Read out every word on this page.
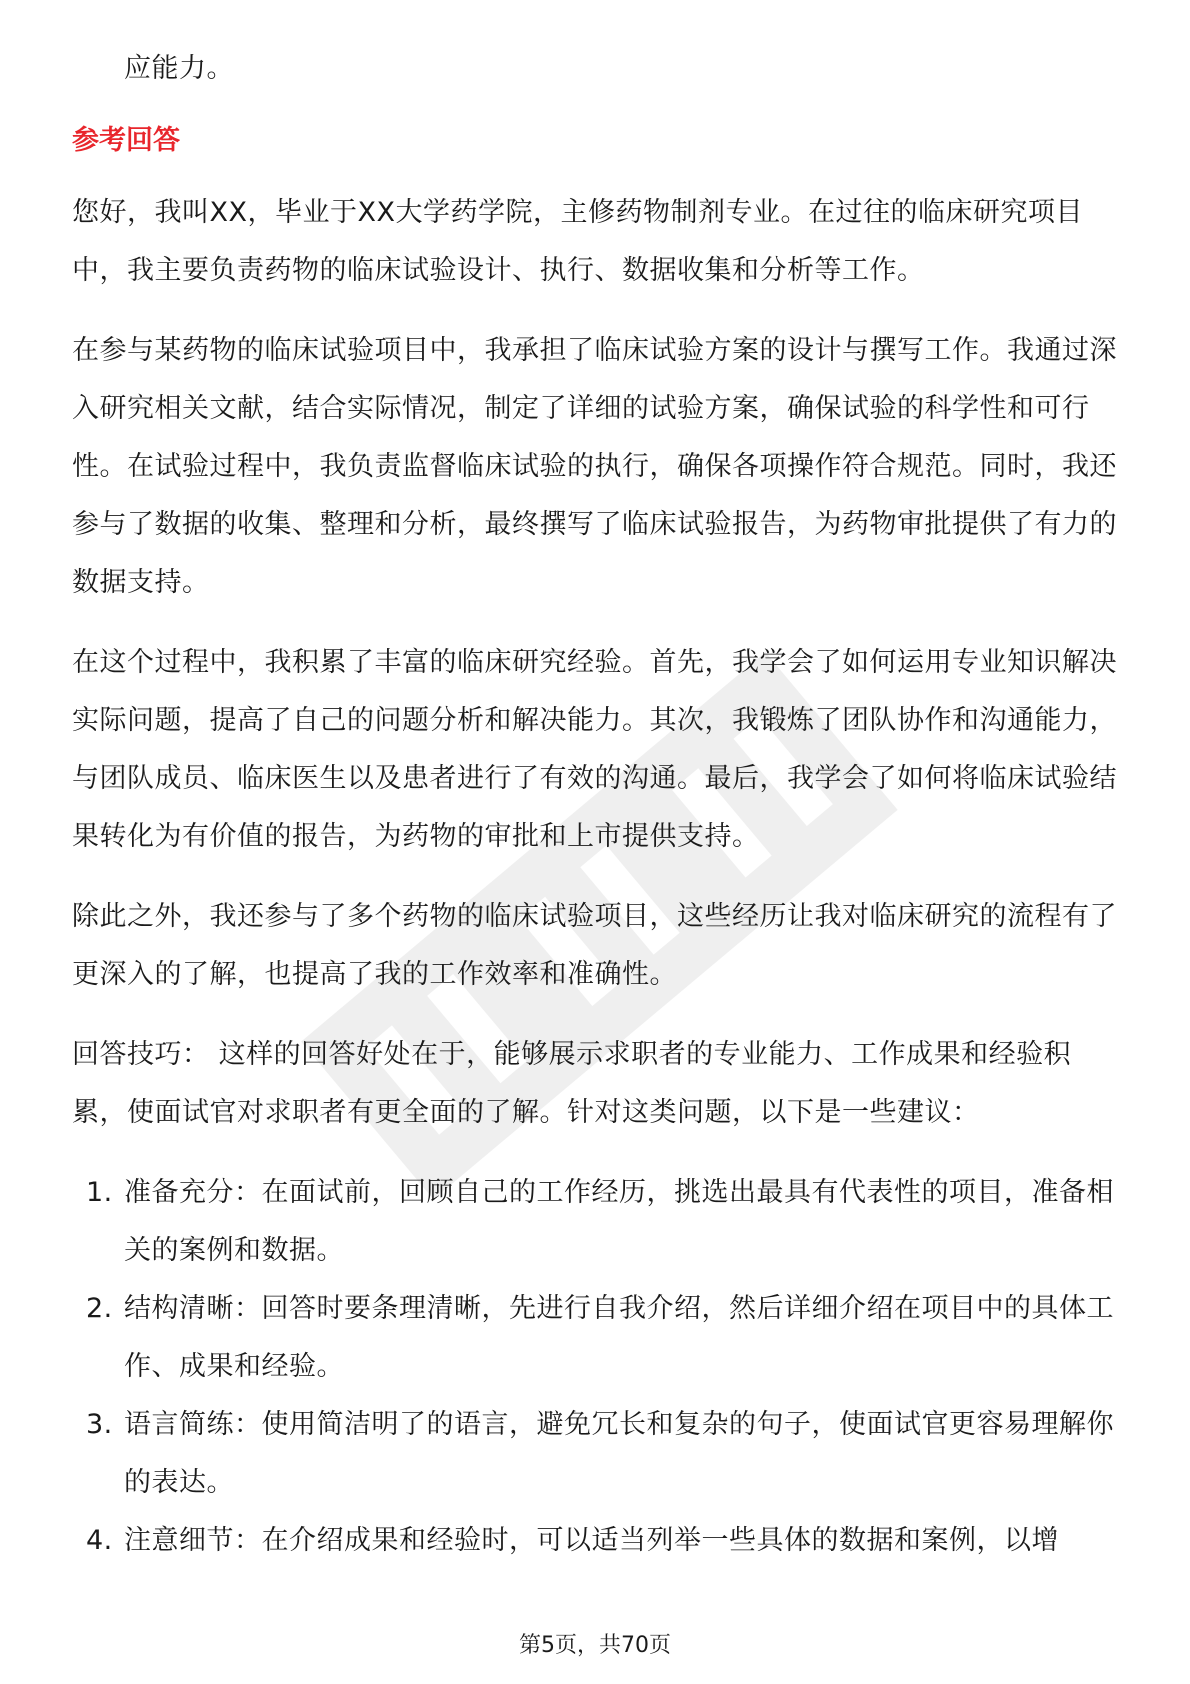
应能力。

参考回答

您好，我叫XX，毕业于XX大学药学院，主修药物制剂专业。在过往的临床研究项目中，我主要负责药物的临床试验设计、执行、数据收集和分析等工作。

在参与某药物的临床试验项目中，我承担了临床试验方案的设计与撰写工作。我通过深入研究相关文献，结合实际情况，制定了详细的试验方案，确保试验的科学性和可行性。在试验过程中，我负责监督临床试验的执行，确保各项操作符合规范。同时，我还参与了数据的收集、整理和分析，最终撰写了临床试验报告，为药物审批提供了有力的数据支持。

在这个过程中，我积累了丰富的临床研究经验。首先，我学会了如何运用专业知识解决实际问题，提高了自己的问题分析和解决能力。其次，我锻炼了团队协作和沟通能力，与团队成员、临床医生以及患者进行了有效的沟通。最后，我学会了如何将临床试验结果转化为有价值的报告，为药物的审批和上市提供支持。

除此之外，我还参与了多个药物的临床试验项目，这些经历让我对临床研究的流程有了更深入的了解，也提高了我的工作效率和准确性。

回答技巧： 这样的回答好处在于，能够展示求职者的专业能力、工作成果和经验积累，使面试官对求职者有更全面的了解。针对这类问题，以下是一些建议：

1. 准备充分：在面试前，回顾自己的工作经历，挑选出最具有代表性的项目，准备相关的案例和数据。
2. 结构清晰：回答时要条理清晰，先进行自我介绍，然后详细介绍在项目中的具体工作、成果和经验。
3. 语言简练：使用简洁明了的语言，避免冗长和复杂的句子，使面试官更容易理解你的表达。
4. 注意细节：在介绍成果和经验时，可以适当列举一些具体的数据和案例，以增
第5页，共70页
